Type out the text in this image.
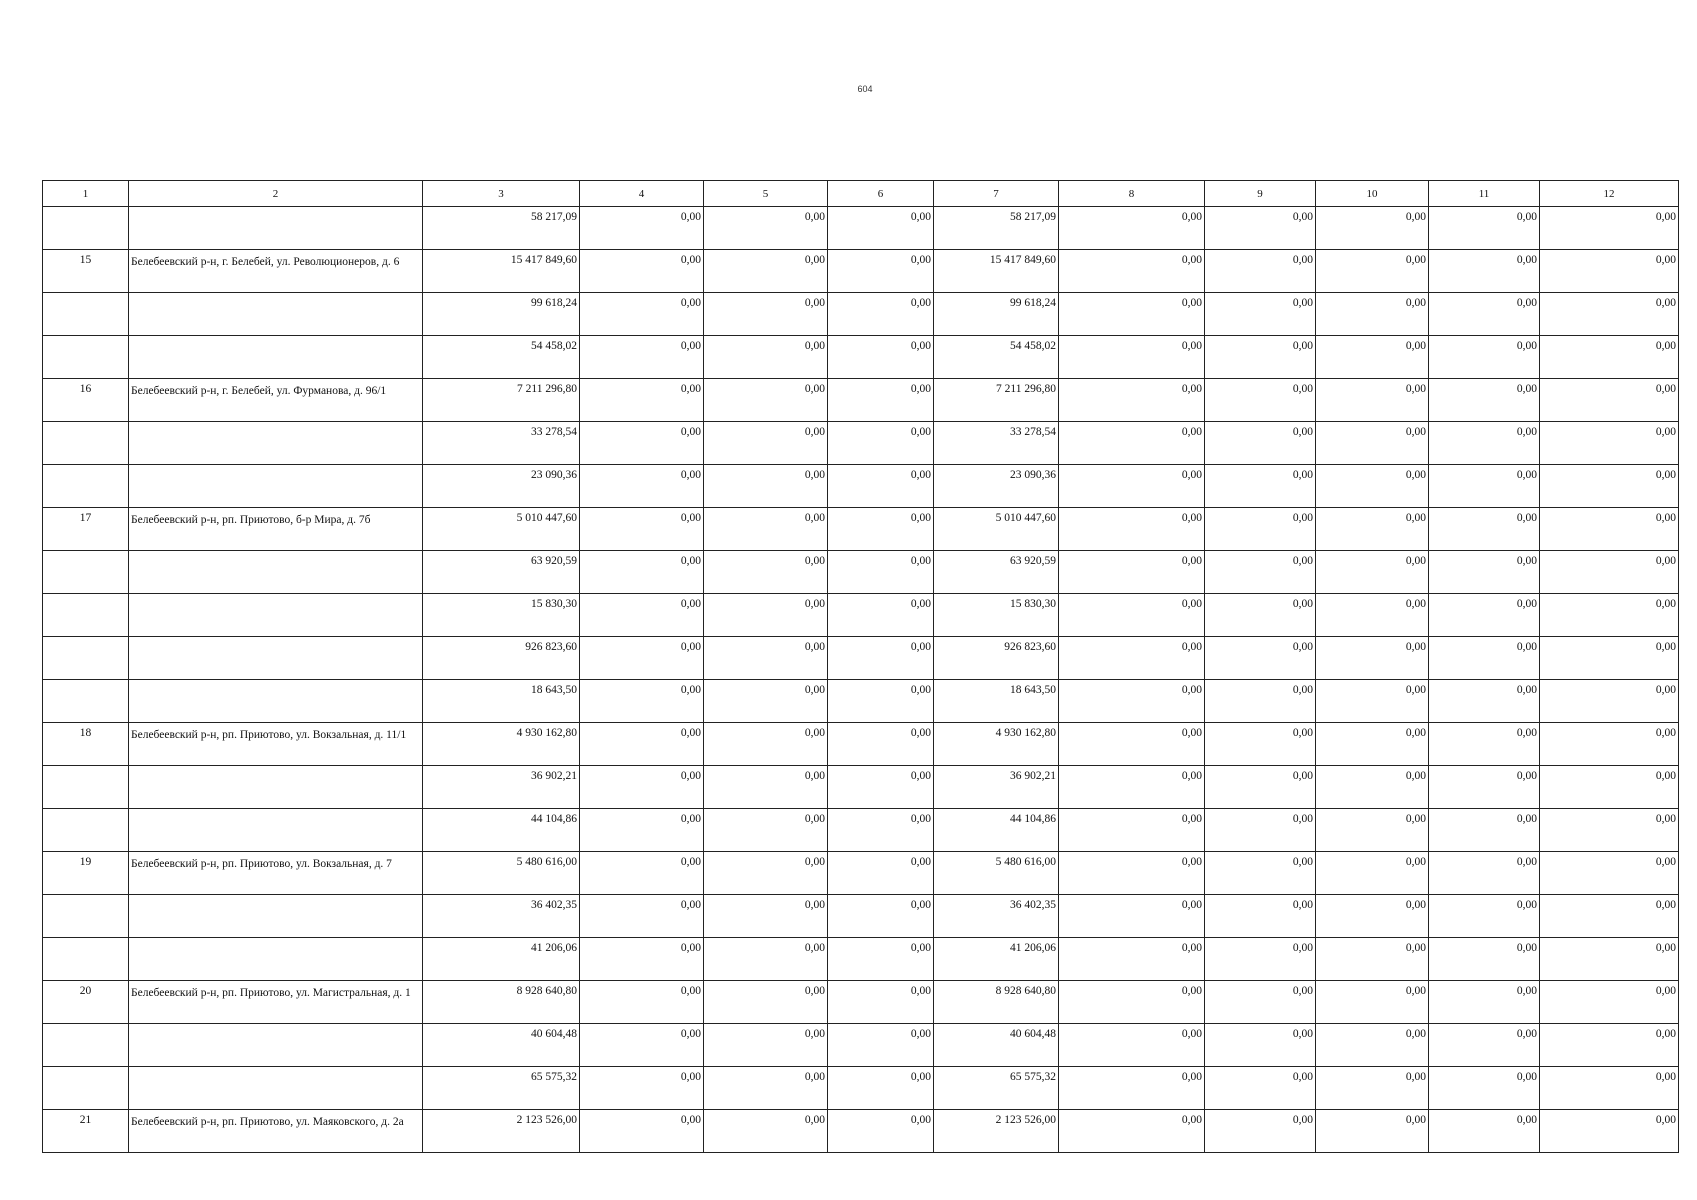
604
1	2	3	4	5	6	7	8	9	10	11	12
		58 217,09	0,00	0,00	0,00	58 217,09	0,00	0,00	0,00	0,00	0,00
15	Белебеевский р-н, г. Белебей, ул. Революционеров, д. 6	15 417 849,60	0,00	0,00	0,00	15 417 849,60	0,00	0,00	0,00	0,00	0,00
		99 618,24	0,00	0,00	0,00	99 618,24	0,00	0,00	0,00	0,00	0,00
		54 458,02	0,00	0,00	0,00	54 458,02	0,00	0,00	0,00	0,00	0,00
16	Белебеевский р-н, г. Белебей, ул. Фурманова, д. 96/1	7 211 296,80	0,00	0,00	0,00	7 211 296,80	0,00	0,00	0,00	0,00	0,00
		33 278,54	0,00	0,00	0,00	33 278,54	0,00	0,00	0,00	0,00	0,00
		23 090,36	0,00	0,00	0,00	23 090,36	0,00	0,00	0,00	0,00	0,00
17	Белебеевский р-н, рп. Приютово, б-р Мира, д. 7б	5 010 447,60	0,00	0,00	0,00	5 010 447,60	0,00	0,00	0,00	0,00	0,00
		63 920,59	0,00	0,00	0,00	63 920,59	0,00	0,00	0,00	0,00	0,00
		15 830,30	0,00	0,00	0,00	15 830,30	0,00	0,00	0,00	0,00	0,00
		926 823,60	0,00	0,00	0,00	926 823,60	0,00	0,00	0,00	0,00	0,00
		18 643,50	0,00	0,00	0,00	18 643,50	0,00	0,00	0,00	0,00	0,00
18	Белебеевский р-н, рп. Приютово, ул. Вокзальная, д. 11/1	4 930 162,80	0,00	0,00	0,00	4 930 162,80	0,00	0,00	0,00	0,00	0,00
		36 902,21	0,00	0,00	0,00	36 902,21	0,00	0,00	0,00	0,00	0,00
		44 104,86	0,00	0,00	0,00	44 104,86	0,00	0,00	0,00	0,00	0,00
19	Белебеевский р-н, рп. Приютово, ул. Вокзальная, д. 7	5 480 616,00	0,00	0,00	0,00	5 480 616,00	0,00	0,00	0,00	0,00	0,00
		36 402,35	0,00	0,00	0,00	36 402,35	0,00	0,00	0,00	0,00	0,00
		41 206,06	0,00	0,00	0,00	41 206,06	0,00	0,00	0,00	0,00	0,00
20	Белебеевский р-н, рп. Приютово, ул. Магистральная, д. 1	8 928 640,80	0,00	0,00	0,00	8 928 640,80	0,00	0,00	0,00	0,00	0,00
		40 604,48	0,00	0,00	0,00	40 604,48	0,00	0,00	0,00	0,00	0,00
		65 575,32	0,00	0,00	0,00	65 575,32	0,00	0,00	0,00	0,00	0,00
21	Белебеевский р-н, рп. Приютово, ул. Маяковского, д. 2а	2 123 526,00	0,00	0,00	0,00	2 123 526,00	0,00	0,00	0,00	0,00	0,00
